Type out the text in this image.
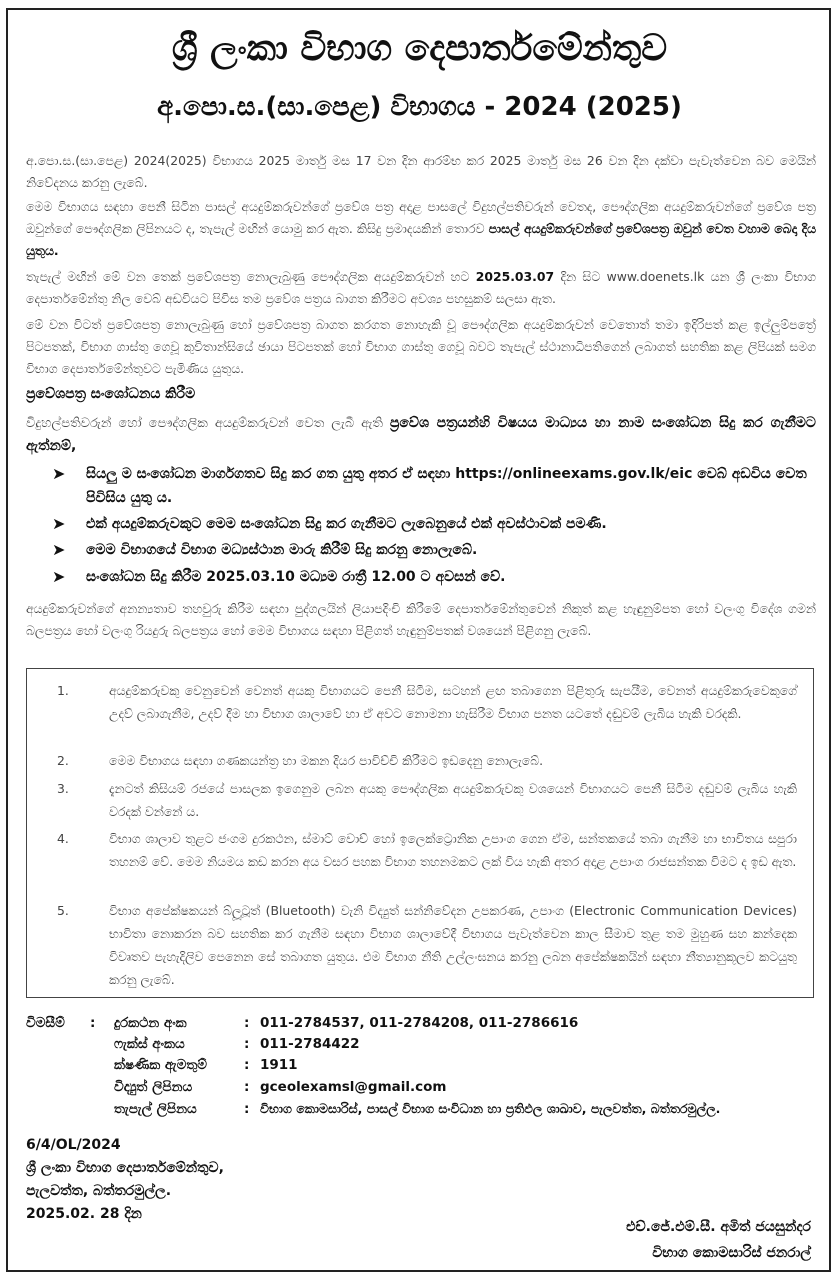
ශ්‍රී ලංකා විභාග දෙපාර්තමේන්තුව
අ.පො.ස.(සා.පෙළ) විභාගය - 2024 (2025)
අ.පො.ස.(සා.පෙළ) 2024(2025) විභාගය 2025 මාර්තු මස 17 වන දින ආරම්භ කර 2025 මාර්තු මස 26 වන දින දක්වා පැවැත්වෙන බව මෙයින් නිවේදනය කරනු ලැබේ.
මෙම විභාගය සඳහා පෙනී සිටින පාසල් අයදුම්කරුවන්ගේ ප්‍රවේශ පත්‍ර අදාළ පාසලේ විදුහල්පතිවරුන් වෙතද, පෞද්ගලික අයදුම්කරුවන්ගේ ප්‍රවේශ පත්‍ර ඔවුන්ගේ පෞද්ගලික ලිපිනයට ද, තැපැල් මඟින් යොමු කර ඇත. කිසිදු ප්‍රමාදයකින් තොරව පාසල් අයදුම්කරුවන්ගේ ප්‍රවේශපත්‍ර ඔවුන් වෙත වහාම බෙදා දිය යුතුය.
තැපැල් මඟින් මේ වන තෙක් ප්‍රවේශපත්‍ර නොලැබුණු පෞද්ගලික අයදුම්කරුවන් හට 2025.03.07 දින සිට www.doenets.lk යන ශ්‍රී ලංකා විභාග දෙපාර්තමේන්තු නිල වෙබ් අඩවියට පිවිස තම ප්‍රවේශ පත්‍රය බාගත කිරීමට අවශ්‍ය පහසුකම් සලසා ඇත.
මේ වන විටත් ප්‍රවේශපත්‍ර නොලැබුණු හෝ ප්‍රවේශපත්‍ර බාගත කරගත නොහැකි වූ පෞද්ගලික අයදුම්කරුවන් වෙතොත් තමා ඉදිරිපත් කළ ඉල්ලුම්පත්‍රේ පිටපතක්, විභාග ගාස්තු ගෙවූ කුවිතාන්සියේ ඡායා පිටපතක් හෝ විභාග ගාස්තු ගෙවූ බවට තැපැල් ස්ථානාධිපතිගෙන් ලබාගත් සහතික කළ ලිපියක් සමග විභාග දෙපාර්තමේන්තුවට පැමිණිය යුතුය.
ප්‍රවේශපත්‍ර සංශෝධනය කිරීම
විදුහල්පතිවරුන් හෝ පෞද්ගලික අයදුම්කරුවන් වෙත ලැබී ඇති ප්‍රවේශ පත්‍රයන්හි විෂයය මාධ්‍යය හා නාම සංශෝධන සිදු කර ගැනීමට ඇත්නම්,
➤	සියලු ම සංශෝධන මාර්ගගතව සිදු කර ගත යුතු අතර ඒ සඳහා https://onlineexams.gov.lk/eic වෙබ් අඩවිය වෙත පිවිසිය යුතු ය.
➤	එක් අයදුම්කරුවකුට මෙම සංශෝධන සිදු කර ගැනීමට ලැබෙනුයේ එක් අවස්ථාවක් පමණි.
➤	මෙම විභාගයේ විභාග මධ්‍යස්ථාන මාරු කිරීම් සිදු කරනු නොලැබේ.
➤	සංශෝධන සිදු කිරීම 2025.03.10 මධ්‍යම රාත්‍රී 12.00 ට අවසන් වේ.
අයදුම්කරුවන්ගේ අනන්‍යතාව තහවුරු කිරීම සඳහා පුද්ගලයින් ලියාපදිංචි කිරීමේ දෙපාර්තමේන්තුවෙන් නිකුත් කළ හැඳුනුම්පත හෝ වලංගු විදේශ ගමන් බලපත්‍රය හෝ වලංගු රියදුරු බලපත්‍රය හෝ මෙම විභාගය සඳහා පිළිගත් හැඳුනුම්පතක් වශයෙන් පිළිගනු ලැබේ.
1.	අයදුම්කරුවකු වෙනුවෙන් වෙනත් අයකු විභාගයට පෙනී සිටීම, සටහන් ළඟ තබාගෙන පිළිතුරු සැපයීම, වෙනත් අයදුම්කරුවෙකුගේ උදව් ලබාගැනීම, උදව් දීම හා විභාග ශාලාවේ හා ඒ අවට නොමනා හැසිරීම විභාග පනත යටතේ දඬුවම් ලැබිය හැකි වරදකි.
2.	මෙම විභාගය සඳහා ගණකයන්ත්‍ර හා මකන දියර පාවිච්චි කිරීමට ඉඩදෙනු නොලැබේ.
3.	දැනටත් කිසියම් රජයේ පාසලක ඉගෙනුම ලබන අයකු පෞද්ගලික අයදුම්කරුවකු වශයෙන් විභාගයට පෙනී සිටීම දඬුවම් ලැබිය හැකි වරදක් වන්නේ ය.
4.	විභාග ශාලාව තුළට ජංගම දුරකථන, ස්මාට් වොච් හෝ ඉලෙක්ට්‍රොනික උපාංග ගෙන ඒම, සන්තකයේ තබා ගැනීම හා භාවිතය සපුරා තහනම් වේ. මෙම නියමය කඩ කරන අය වසර පහක විභාග තහනමකට ලක් විය හැකි අතර අදාළ උපාංග රාජසන්තක විමට ද ඉඩ ඇත.
5.	විභාග අපේක්ෂකයන් බ්ලූටූත් (Bluetooth) වැනි විද්‍යුත් සන්නිවේදන උපකරණ, උපාංග (Electronic Communication Devices) භාවිතා නොකරන බව සහතික කර ගැනීම සඳහා විභාග ශාලාවේදී විභාගය පැවැත්වෙන කාල සීමාව තුළ තම මුහුණ සහ කන්දෙක විවෘතව පැහැදිලිව පෙනෙන සේ තබාගත යුතුය. එම විභාග නීති උල්ලංඝනය කරනු ලබන අපේක්ෂකයින් සඳහා නීත්‍යානුකූලව කටයුතු කරනු ලැබේ.
විමසීම් : දුරකථන අංක	: 011-2784537, 011-2784208, 011-2786616
ෆැක්ස් අංකය	: 011-2784422
ක්ෂණික ඇමතුම්	: 1911
විද්‍යුත් ලිපිනය	: gceolexamsl@gmail.com
තැපැල් ලිපිනය	: විභාග කොමසාරිස්, පාසල් විභාග සංවිධාන හා ප්‍රතිඵල ශාඛාව, පැලවත්ත, බත්තරමුල්ල.
6/4/OL/2024
ශ්‍රී ලංකා විභාග දෙපාර්තමේන්තුව,
පැලවත්ත, බත්තරමුල්ල.
2025.02. 28 දින
එච්.ජේ.එම්.සී. අමිත් ජයසුන්දර
විභාග කොමසාරිස් ජනරාල්
